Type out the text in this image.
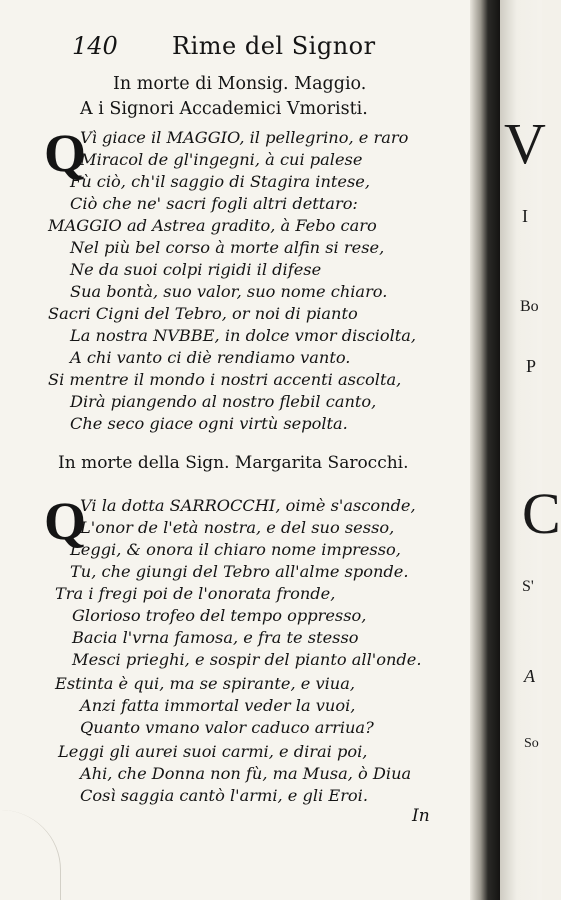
140 Rime del Signor
In morte di Monsig. Maggio.
A i Signori Accademici Vmoristi.
Q
Vì giace il MAGGIO, il pellegrino, e raro
Miracol de gl'ingegni, à cui palese
Fù ciò, ch'il saggio di Stagira intese,
Ciò che ne' sacri fogli altri dettaro:
MAGGIO ad Astrea gradito, à Febo caro
Nel più bel corso à morte alfin si rese,
Ne da suoi colpi rigidi il difese
Sua bontà, suo valor, suo nome chiaro.
Sacri Cigni del Tebro, or noi di pianto
La nostra NVBBE, in dolce vmor disciolta,
A chi vanto ci diè rendiamo vanto.
Si mentre il mondo i nostri accenti ascolta,
Dirà piangendo al nostro flebil canto,
Che seco giace ogni virtù sepolta.
In morte della Sign. Margarita Sarocchi.
Q
Vi la dotta SARROCCHI, oimè s'asconde,
L'onor de l'età nostra, e del suo sesso,
Leggi, & onora il chiaro nome impresso,
Tu, che giungi del Tebro all'alme sponde.
Tra i fregi poi de l'onorata fronde,
Glorioso trofeo del tempo oppresso,
Bacia l'vrna famosa, e fra te stesso
Mesci prieghi, e sospir del pianto all'onde.
Estinta è qui, ma se spirante, e viua,
Anzi fatta immortal veder la vuoi,
Quanto vmano valor caduco arriua?
Leggi gli aurei suoi carmi, e dirai poi,
Ahi, che Donna non fù, ma Musa, ò Diua
Così saggia cantò l'armi, e gli Eroi.
In
V
I
Bo
P
C
S'
A
So
